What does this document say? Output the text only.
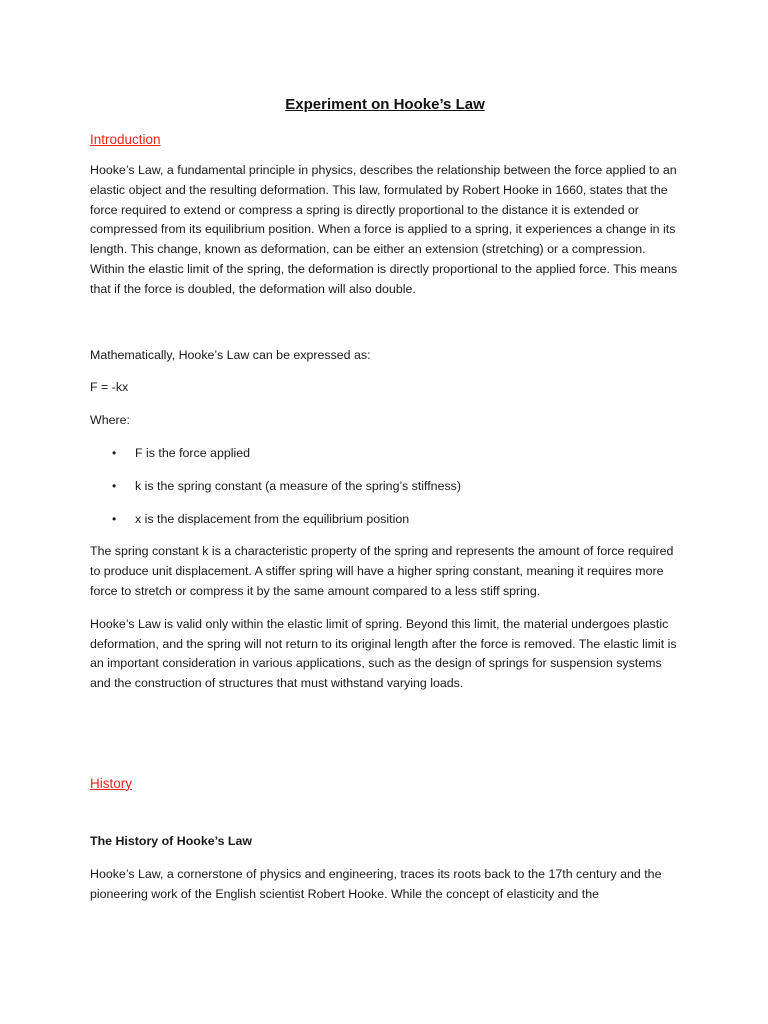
Experiment on Hooke’s Law
Introduction

Hooke’s Law, a fundamental principle in physics, describes the relationship between the force applied to an elastic object and the resulting deformation. This law, formulated by Robert Hooke in 1660, states that the force required to extend or compress a spring is directly proportional to the distance it is extended or compressed from its equilibrium position. When a force is applied to a spring, it experiences a change in its length. This change, known as deformation, can be either an extension (stretching) or a compression. Within the elastic limit of the spring, the deformation is directly proportional to the applied force. This means that if the force is doubled, the deformation will also double.

Mathematically, Hooke’s Law can be expressed as:

F = -kx

Where:

• F is the force applied
• k is the spring constant (a measure of the spring’s stiffness)
• x is the displacement from the equilibrium position

The spring constant k is a characteristic property of the spring and represents the amount of force required to produce unit displacement. A stiffer spring will have a higher spring constant, meaning it requires more force to stretch or compress it by the same amount compared to a less stiff spring.

Hooke’s Law is valid only within the elastic limit of spring. Beyond this limit, the material undergoes plastic deformation, and the spring will not return to its original length after the force is removed. The elastic limit is an important consideration in various applications, such as the design of springs for suspension systems and the construction of structures that must withstand varying loads.

History
The History of Hooke’s Law

Hooke’s Law, a cornerstone of physics and engineering, traces its roots back to the 17th century and the pioneering work of the English scientist Robert Hooke. While the concept of elasticity and the
